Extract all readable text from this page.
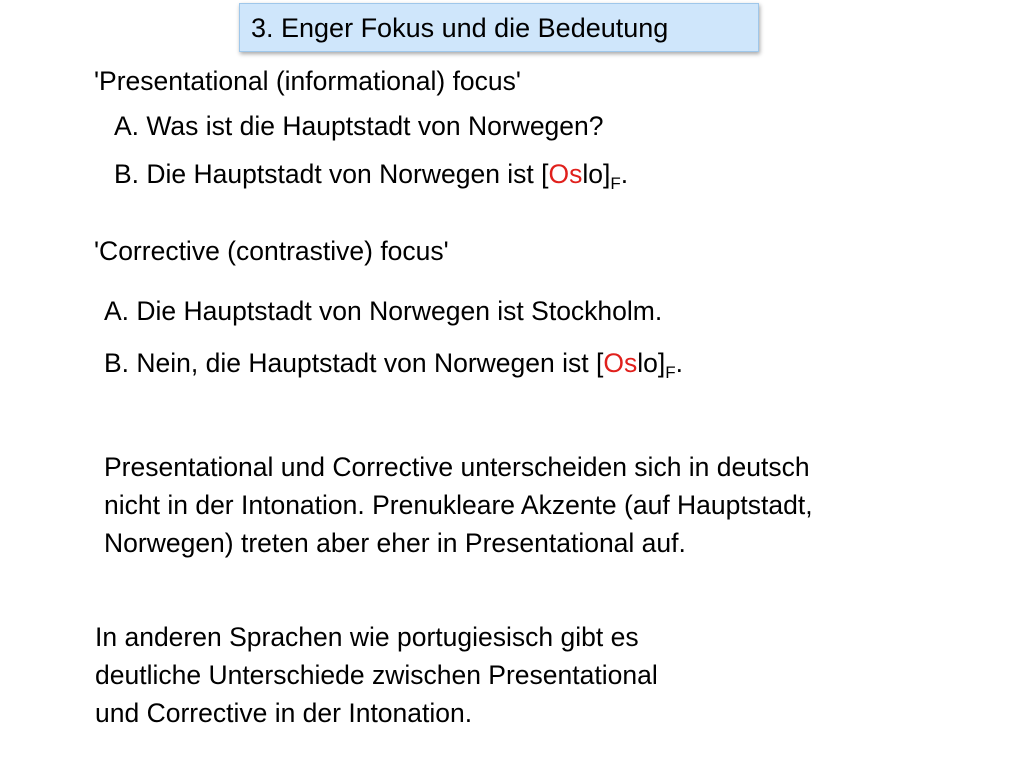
3. Enger Fokus und die Bedeutung
'Presentational (informational) focus'
A. Was ist die Hauptstadt von Norwegen?
B. Die Hauptstadt von Norwegen ist $[Oslo]_F$.
'Corrective (contrastive) focus'
A. Die Hauptstadt von Norwegen ist Stockholm.
B. Nein, die Hauptstadt von Norwegen ist $[Oslo]_F$.
Presentational und Corrective unterscheiden sich in deutsch
nicht in der Intonation. Prenukleare Akzente (auf Hauptstadt,
Norwegen) treten aber eher in Presentational auf.
In anderen Sprachen wie portugiesisch gibt es
deutliche Unterschiede zwischen Presentational
und Corrective in der Intonation.
